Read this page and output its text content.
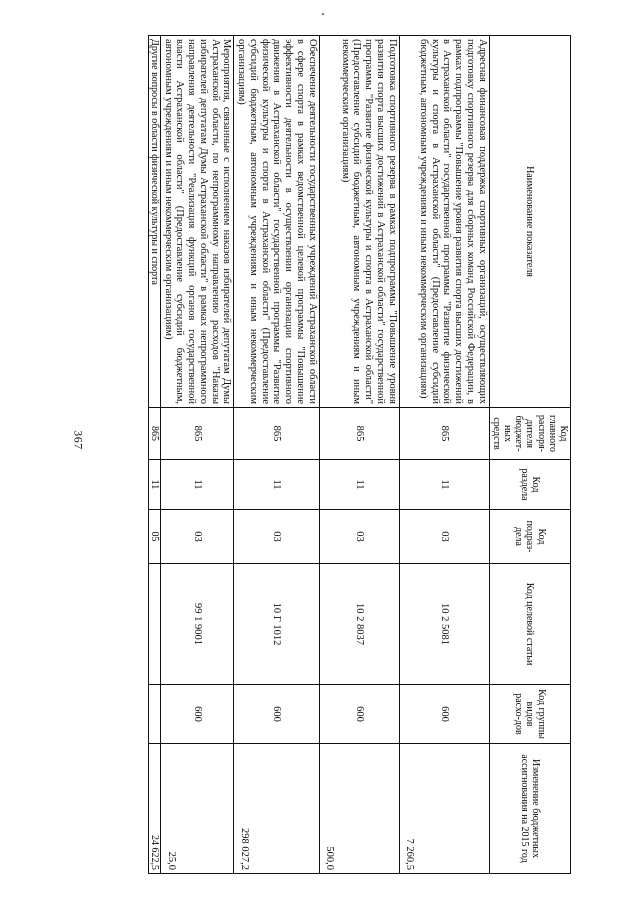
367
Наименование показателя	Код главного распоря-дителя бюджет-ных средств	Код раздела	Код подраз-дела	Код целевой статьи	Код группы видов расхо-дов	Изменение бюджетных ассигнования на 2015 год
Адресная финансовая поддержка спортивных организаций, осуществляющих подготовку спортивного резерва для сборных команд Российской Федерации, в рамках подпрограммы "Повышение уровня развития спорта высших достижений в Астраханской области" государственной программы "Развитие физической культуры и спорта в Астраханской области" (Предоставление субсидий бюджетным, автономным учреждениям и иным некоммерческим организациям)	865	11	03	10 2 5081	600	7 260,5
Подготовка спортивного резерва в рамках подпрограммы "Повышение уровня развития спорта высших достижений в Астраханской области" государственной программы "Развитие физической культуры и спорта в Астраханской области" (Предоставление субсидий бюджетным, автономным учреждениям и иным некоммерческим организациям)	865	11	03	10 2 8037	600	500,0
Обеспечение деятельности государственных учреждений Астраханской области в сфере спорта в рамках ведомственной целевой программы "Повышение эффективности деятельности в осуществлении организации спортивного движения в Астраханской области" государственной программы "Развитие физической культуры и спорта в Астраханской области" (Предоставление субсидий бюджетным, автономным учреждениям и иным некоммерческим организациям)	865	11	03	10 Г 1012	600	298 027,2
Мероприятия, связанные с исполнением наказов избирателей депутатам Думы Астраханской области, по непрограммному направлению расходов "Наказы избирателей депутатам Думы Астраханской области" в рамках непрограммного направления деятельности "Реализация функций органов государственной власти Астраханской области" (Предоставление субсидий бюджетным, автономным учреждениям и иным некоммерческим организациям)	865	11	03	99 1 9001	600	25,0
Другие вопросы в области физической культуры и спорта	865	11	05			24 622,5
